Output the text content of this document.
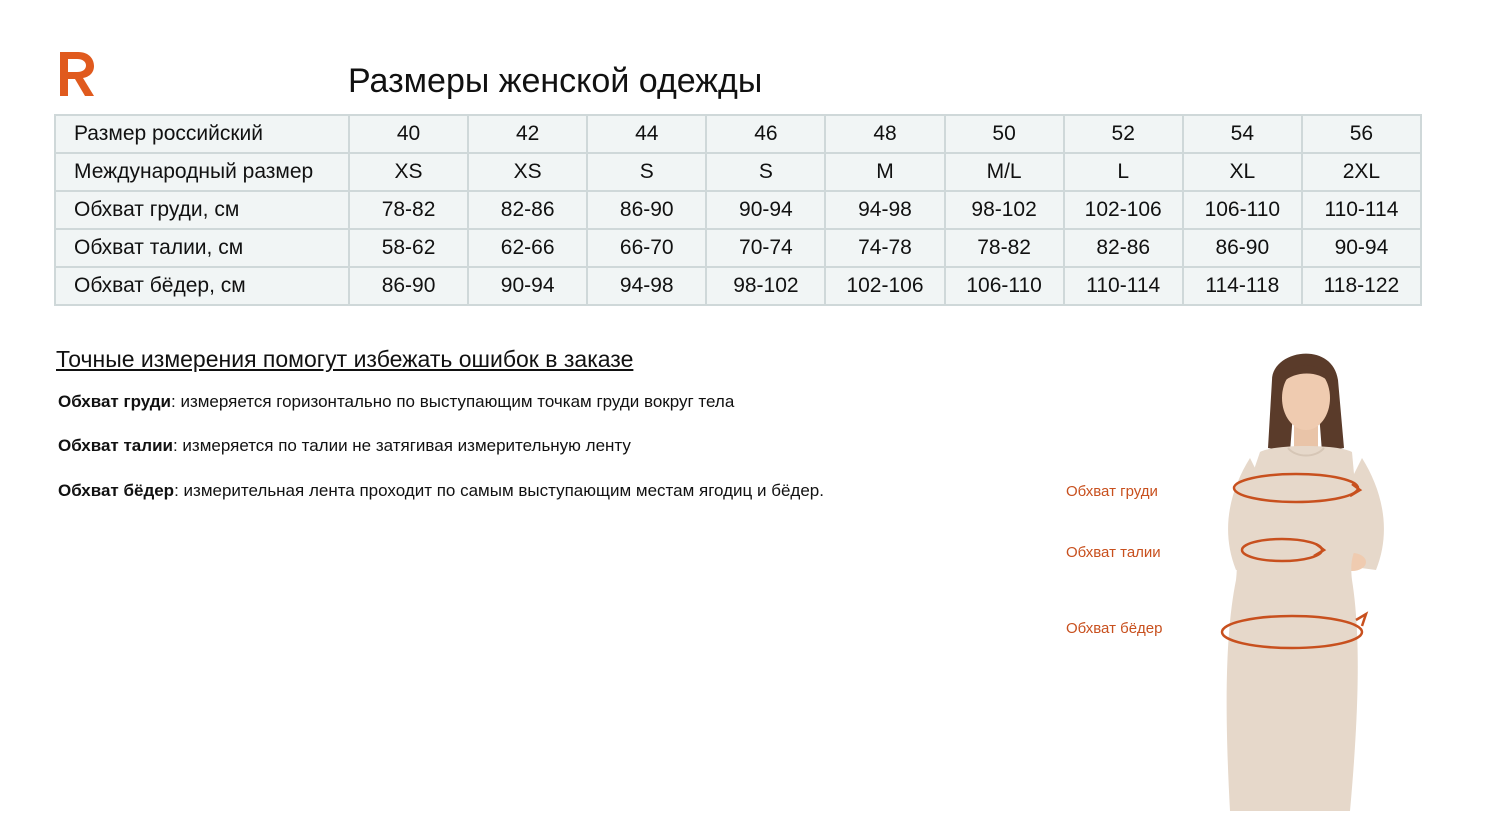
Размеры женской одежды
Размер российский	40	42	44	46	48	50	52	54	56
Международный размер	XS	XS	S	S	M	M/L	L	XL	2XL
Обхват груди, см	78-82	82-86	86-90	90-94	94-98	98-102	102-106	106-110	110-114
Обхват талии, см	58-62	62-66	66-70	70-74	74-78	78-82	82-86	86-90	90-94
Обхват бёдер, см	86-90	90-94	94-98	98-102	102-106	106-110	110-114	114-118	118-122
Точные измерения помогут избежать ошибок в заказе
Обхват груди: измеряется горизонтально по выступающим точкам груди вокруг тела
Обхват талии: измеряется по талии не затягивая измерительную ленту
Обхват бёдер: измерительная лента проходит по самым выступающим местам ягодиц и бёдер.	Обхват груди
Обхват талии
Обхват бёдер
